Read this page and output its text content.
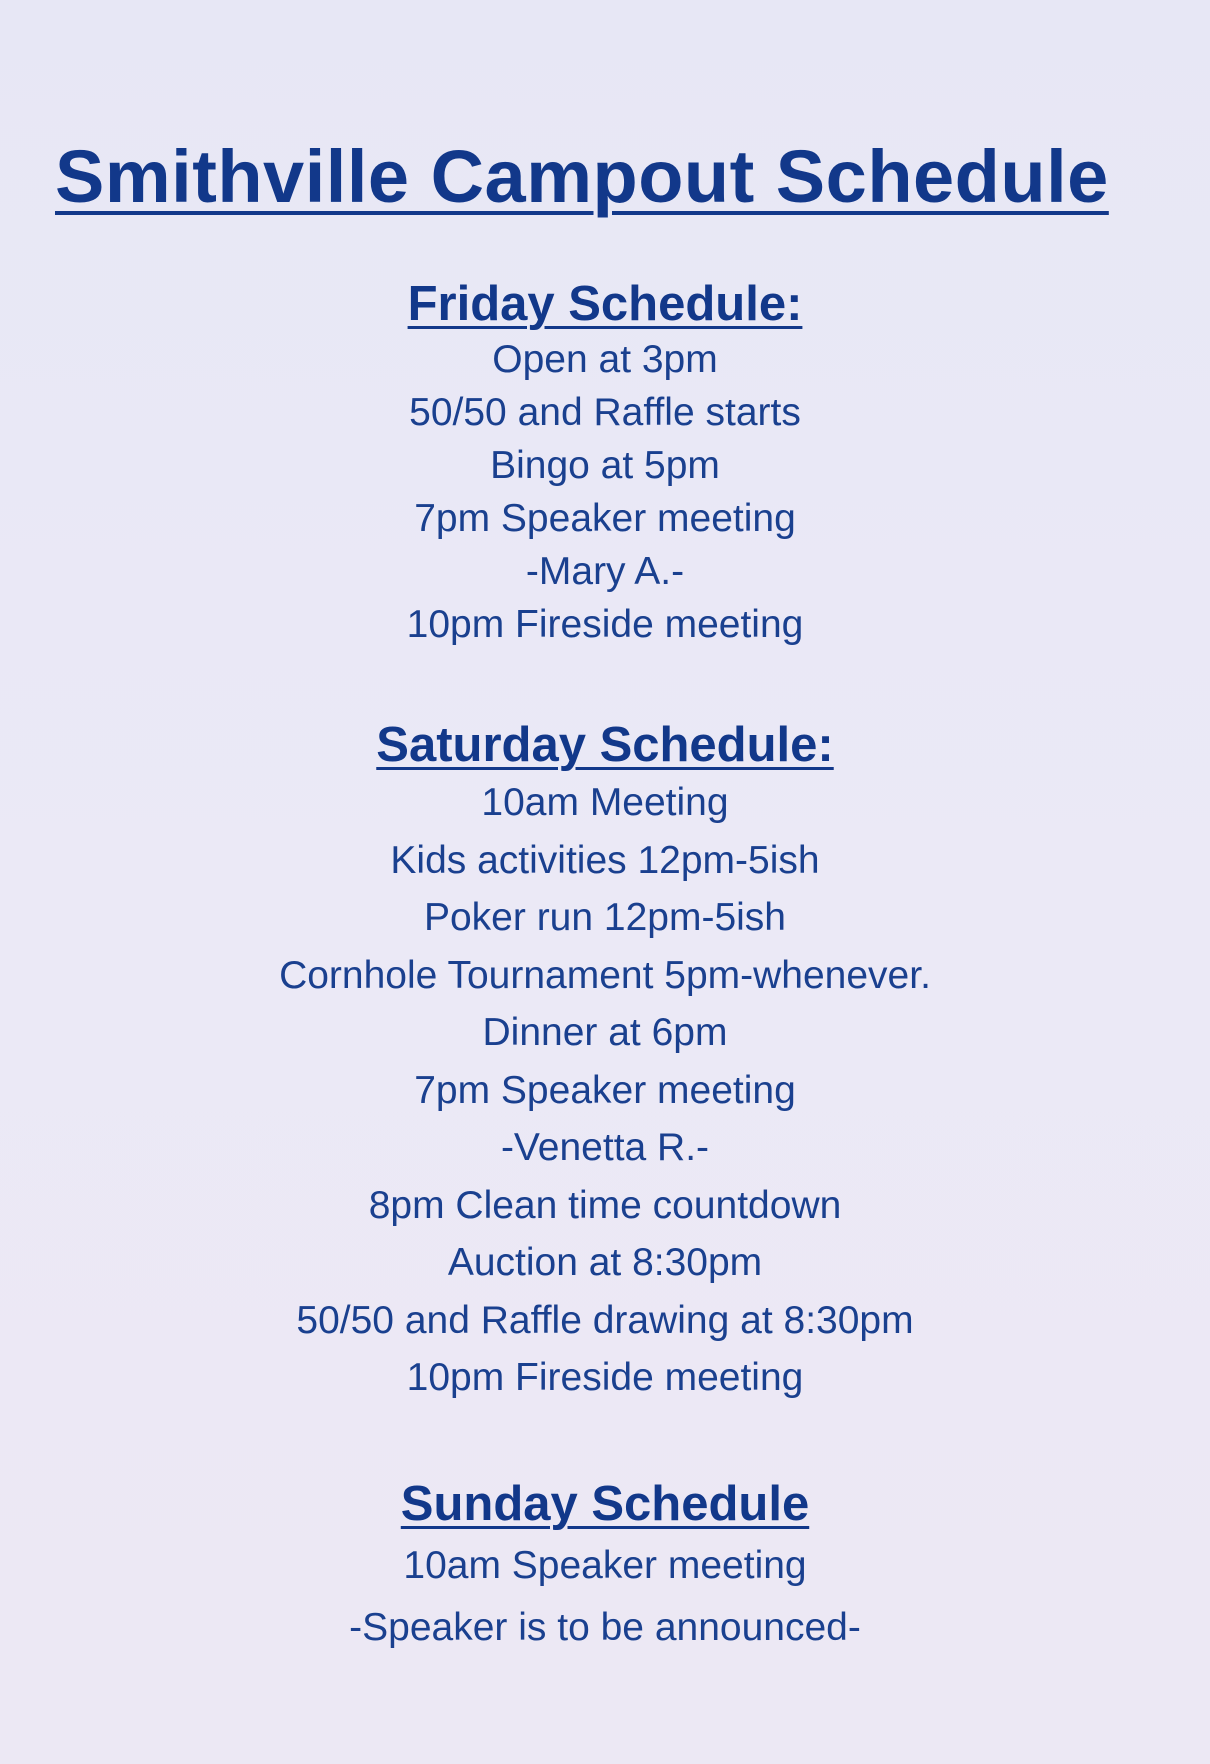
Smithville Campout Schedule

Friday Schedule:

Open at 3pm

50/50 and Raffle starts

Bingo at 5pm

7pm Speaker meeting

-Mary A.-

10pm Fireside meeting

Saturday Schedule:

10am Meeting

Kids activities 12pm-5ish

Poker run 12pm-5ish

Cornhole Tournament 5pm-whenever.

Dinner at 6pm

7pm Speaker meeting

-Venetta R.-

8pm Clean time countdown

Auction at 8:30pm

50/50 and Raffle drawing at 8:30pm

10pm Fireside meeting

Sunday Schedule

10am Speaker meeting

-Speaker is to be announced-
